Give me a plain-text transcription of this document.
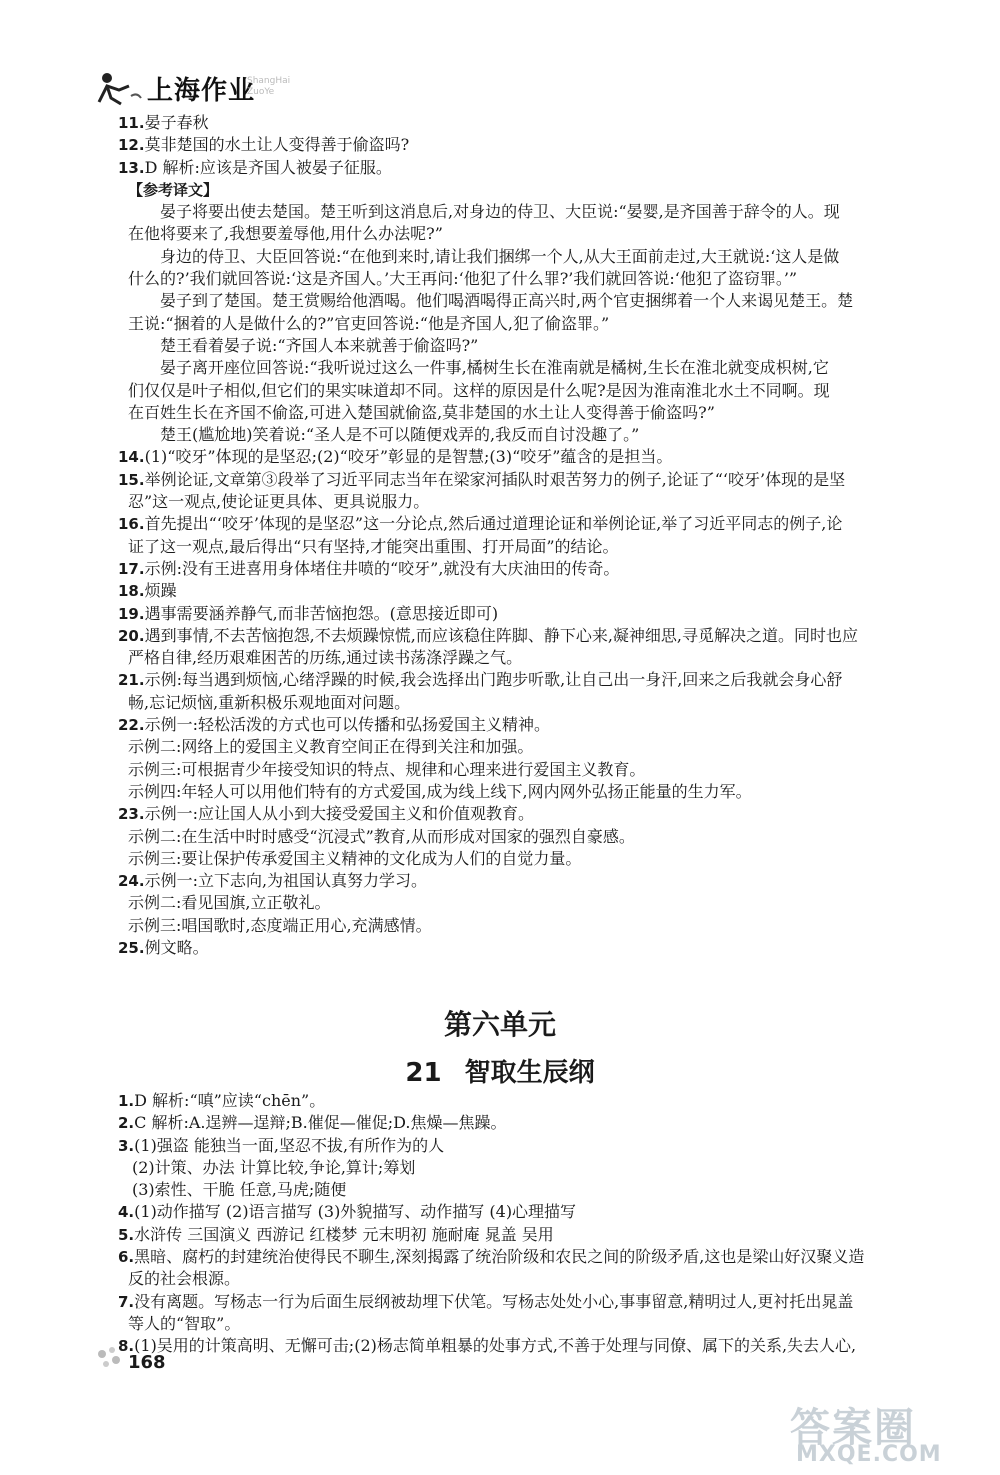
上海作业
ShangHai ZuoYe
11.晏子春秋
12.莫非楚国的水土让人变得善于偷盗吗?
13.D 解析:应该是齐国人被晏子征服。
【参考译文】
晏子将要出使去楚国。楚王听到这消息后,对身边的侍卫、大臣说:“晏婴,是齐国善于辞令的人。现
在他将要来了,我想要羞辱他,用什么办法呢?”
身边的侍卫、大臣回答说:“在他到来时,请让我们捆绑一个人,从大王面前走过,大王就说:‘这人是做
什么的?’我们就回答说:‘这是齐国人。’大王再问:‘他犯了什么罪?’我们就回答说:‘他犯了盗窃罪。’”
晏子到了楚国。楚王赏赐给他酒喝。他们喝酒喝得正高兴时,两个官吏捆绑着一个人来谒见楚王。楚
王说:“捆着的人是做什么的?”官吏回答说:“他是齐国人,犯了偷盗罪。”
楚王看着晏子说:“齐国人本来就善于偷盗吗?”
晏子离开座位回答说:“我听说过这么一件事,橘树生长在淮南就是橘树,生长在淮北就变成枳树,它
们仅仅是叶子相似,但它们的果实味道却不同。这样的原因是什么呢?是因为淮南淮北水土不同啊。现
在百姓生长在齐国不偷盗,可进入楚国就偷盗,莫非楚国的水土让人变得善于偷盗吗?”
楚王(尴尬地)笑着说:“圣人是不可以随便戏弄的,我反而自讨没趣了。”
14.(1)“咬牙”体现的是坚忍;(2)“咬牙”彰显的是智慧;(3)“咬牙”蕴含的是担当。
15.举例论证,文章第③段举了习近平同志当年在梁家河插队时艰苦努力的例子,论证了“‘咬牙’体现的是坚
忍”这一观点,使论证更具体、更具说服力。
16.首先提出“‘咬牙’体现的是坚忍”这一分论点,然后通过道理论证和举例论证,举了习近平同志的例子,论
证了这一观点,最后得出“只有坚持,才能突出重围、打开局面”的结论。
17.示例:没有王进喜用身体堵住井喷的“咬牙”,就没有大庆油田的传奇。
18.烦躁
19.遇事需要涵养静气,而非苦恼抱怨。(意思接近即可)
20.遇到事情,不去苦恼抱怨,不去烦躁惊慌,而应该稳住阵脚、静下心来,凝神细思,寻觅解决之道。同时也应
严格自律,经历艰难困苦的历练,通过读书荡涤浮躁之气。
21.示例:每当遇到烦恼,心绪浮躁的时候,我会选择出门跑步听歌,让自己出一身汗,回来之后我就会身心舒
畅,忘记烦恼,重新积极乐观地面对问题。
22.示例一:轻松活泼的方式也可以传播和弘扬爱国主义精神。
示例二:网络上的爱国主义教育空间正在得到关注和加强。
示例三:可根据青少年接受知识的特点、规律和心理来进行爱国主义教育。
示例四:年轻人可以用他们特有的方式爱国,成为线上线下,网内网外弘扬正能量的生力军。
23.示例一:应让国人从小到大接受爱国主义和价值观教育。
示例二:在生活中时时感受“沉浸式”教育,从而形成对国家的强烈自豪感。
示例三:要让保护传承爱国主义精神的文化成为人们的自觉力量。
24.示例一:立下志向,为祖国认真努力学习。
示例二:看见国旗,立正敬礼。
示例三:唱国歌时,态度端正用心,充满感情。
25.例文略。
第六单元
21 智取生辰纲
1.D 解析:“嗔”应读“chēn”。
2.C 解析:A.逞辨—逞辩;B.催促—催促;D.焦燥—焦躁。
3.(1)强盗 能独当一面,坚忍不拔,有所作为的人
(2)计策、办法 计算比较,争论,算计;筹划
(3)索性、干脆 任意,马虎;随便
4.(1)动作描写 (2)语言描写 (3)外貌描写、动作描写 (4)心理描写
5.水浒传 三国演义 西游记 红楼梦 元末明初 施耐庵 晁盖 吴用
6.黑暗、腐朽的封建统治使得民不聊生,深刻揭露了统治阶级和农民之间的阶级矛盾,这也是梁山好汉聚义造
反的社会根源。
7.没有离题。写杨志一行为后面生辰纲被劫埋下伏笔。写杨志处处小心,事事留意,精明过人,更衬托出晁盖
等人的“智取”。
8.(1)吴用的计策高明、无懈可击;(2)杨志简单粗暴的处事方式,不善于处理与同僚、属下的关系,失去人心,
168
答案圈
MXQE.COM
